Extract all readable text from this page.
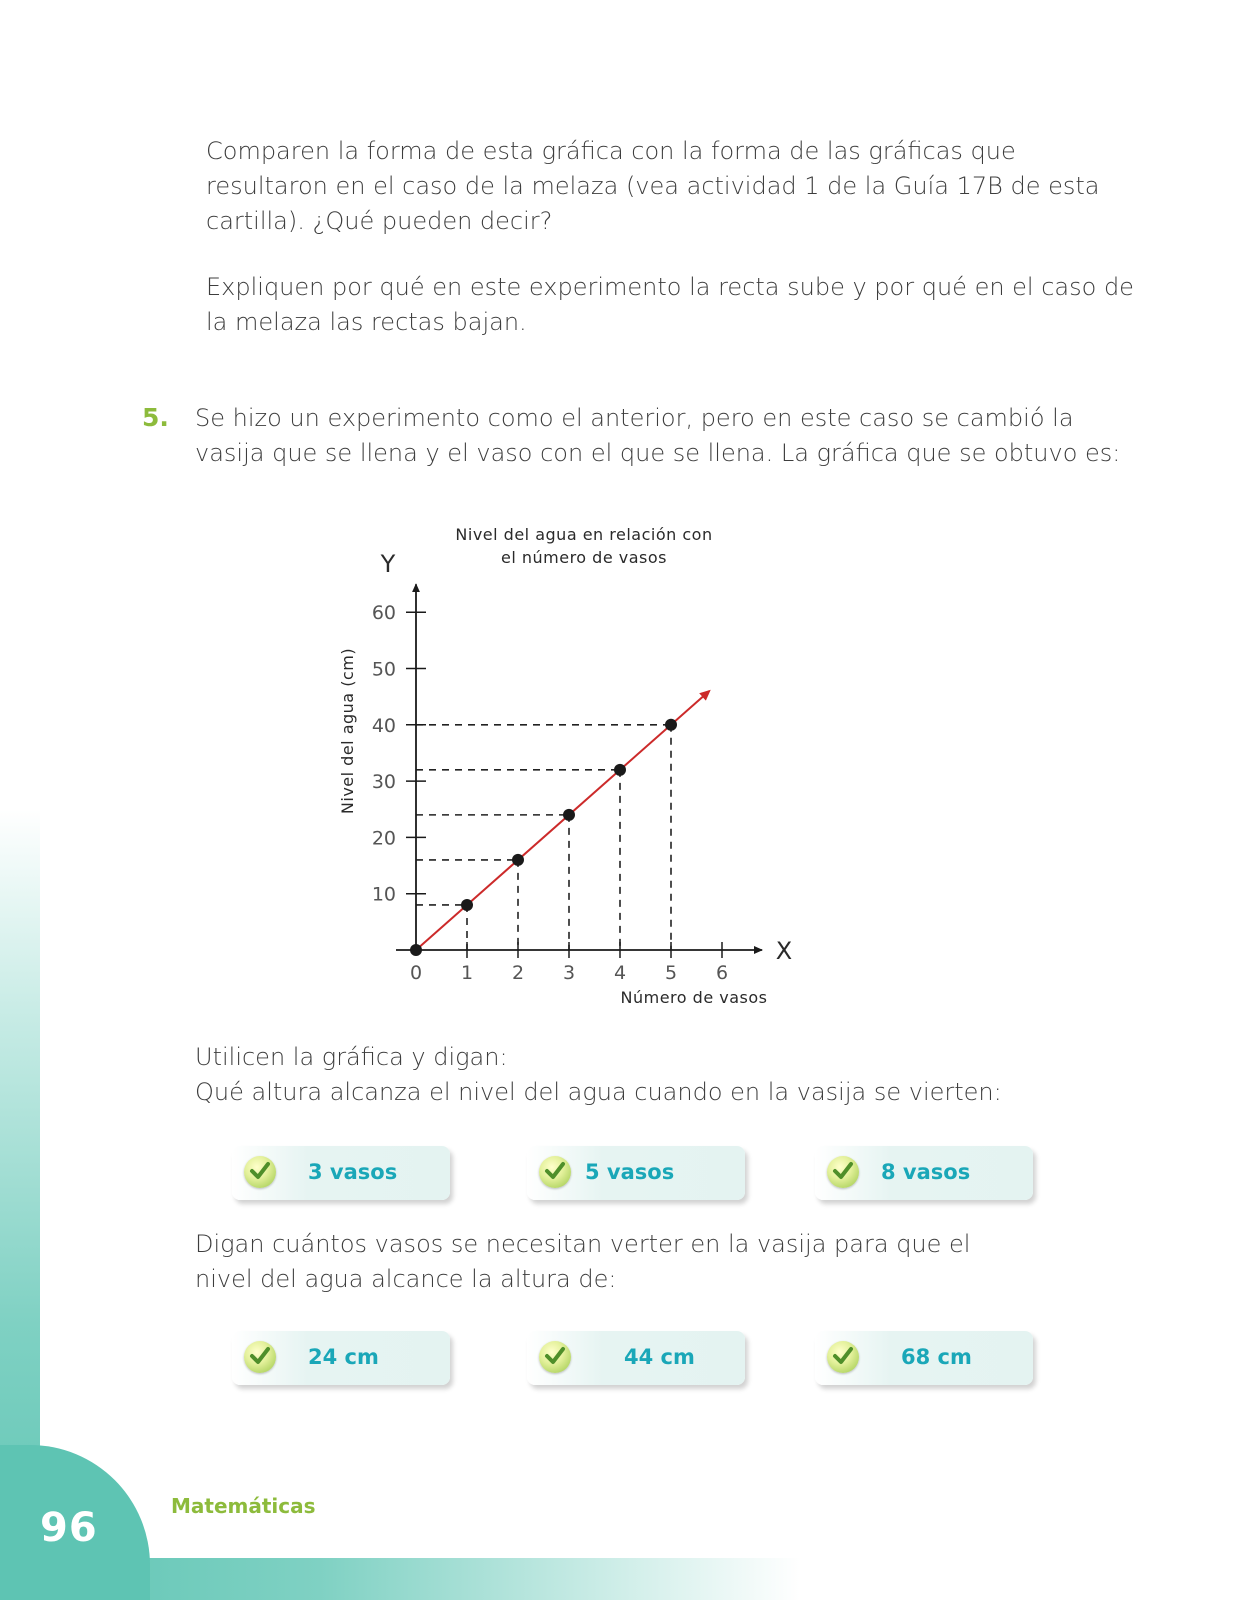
96	Matemáticas

Comparen la forma de esta gráfica con la forma de las gráficas que
resultaron en el caso de la melaza (vea actividad 1 de la Guía 17B de esta
cartilla). ¿Qué pueden decir?

Expliquen por qué en este experimento la recta sube y por qué en el caso de
la melaza las rectas bajan.

5. Se hizo un experimento como el anterior, pero en este caso se cambió la
vasija que se llena y el vaso con el que se llena. La gráfica que se obtuvo es:

Nivel del agua en relación con
el número de vasos
10
20
30
40
50
60
0 1 2 3 4 5 6
Y
X
Número de vasos
Nivel del agua (cm)

Utilicen la gráfica y digan:
Qué altura alcanza el nivel del agua cuando en la vasija se vierten:

3 vasos	5 vasos	8 vasos

Digan cuántos vasos se necesitan verter en la vasija para que el
nivel del agua alcance la altura de:

24 cm	44 cm	68 cm
